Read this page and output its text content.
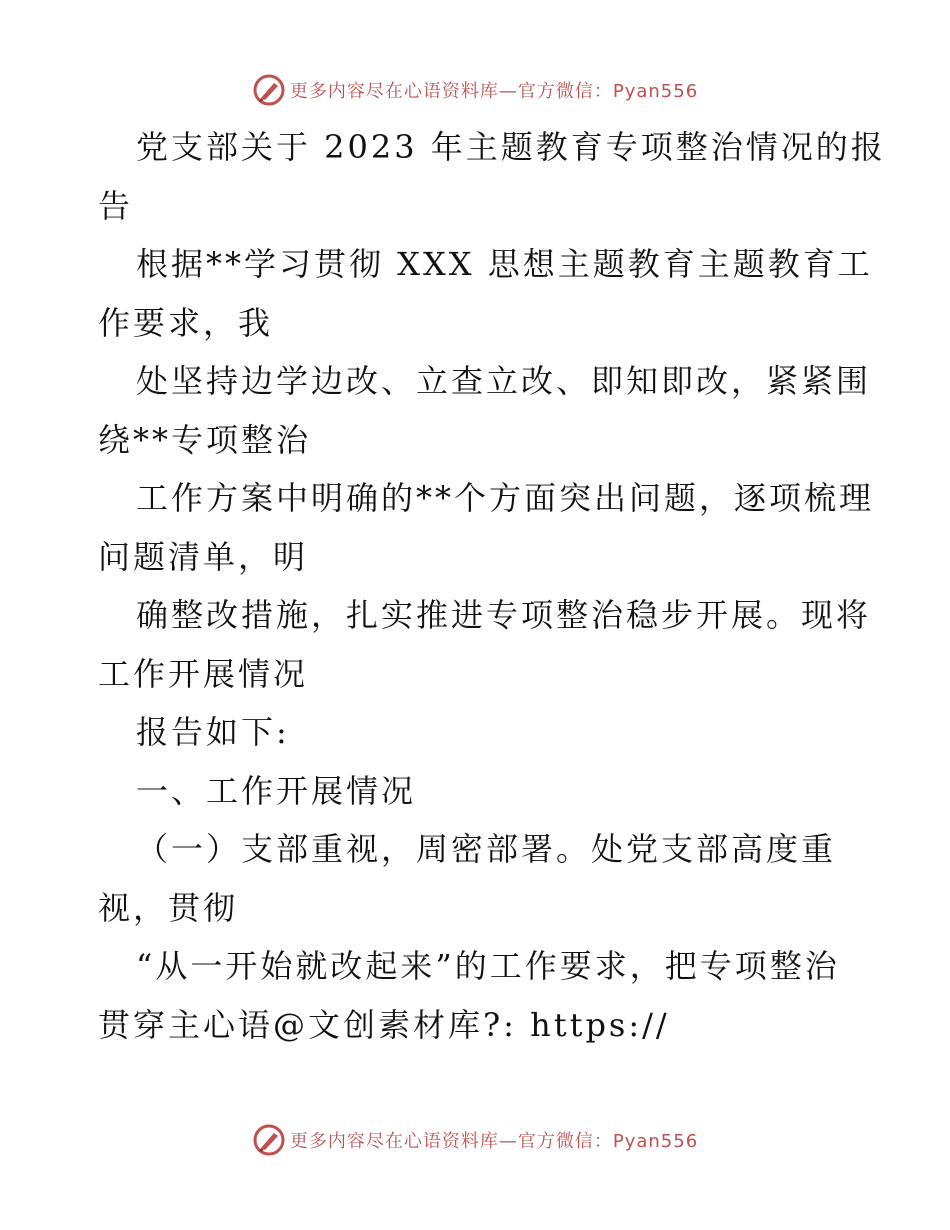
更多内容尽在心语资料库—官方微信：Pyan556
党支部关于 2023 年主题教育专项整治情况的报
告
根据**学习贯彻 XXX 思想主题教育主题教育工
作要求，我
处坚持边学边改、立查立改、即知即改，紧紧围
绕**专项整治
工作方案中明确的**个方面突出问题，逐项梳理
问题清单，明
确整改措施，扎实推进专项整治稳步开展。现将
工作开展情况
报告如下:
一、工作开展情况
（一）支部重视，周密部署。处党支部高度重
视，贯彻
“从一开始就改起来”的工作要求，把专项整治
贯穿主心语@文创素材库?: https://
更多内容尽在心语资料库—官方微信：Pyan556
